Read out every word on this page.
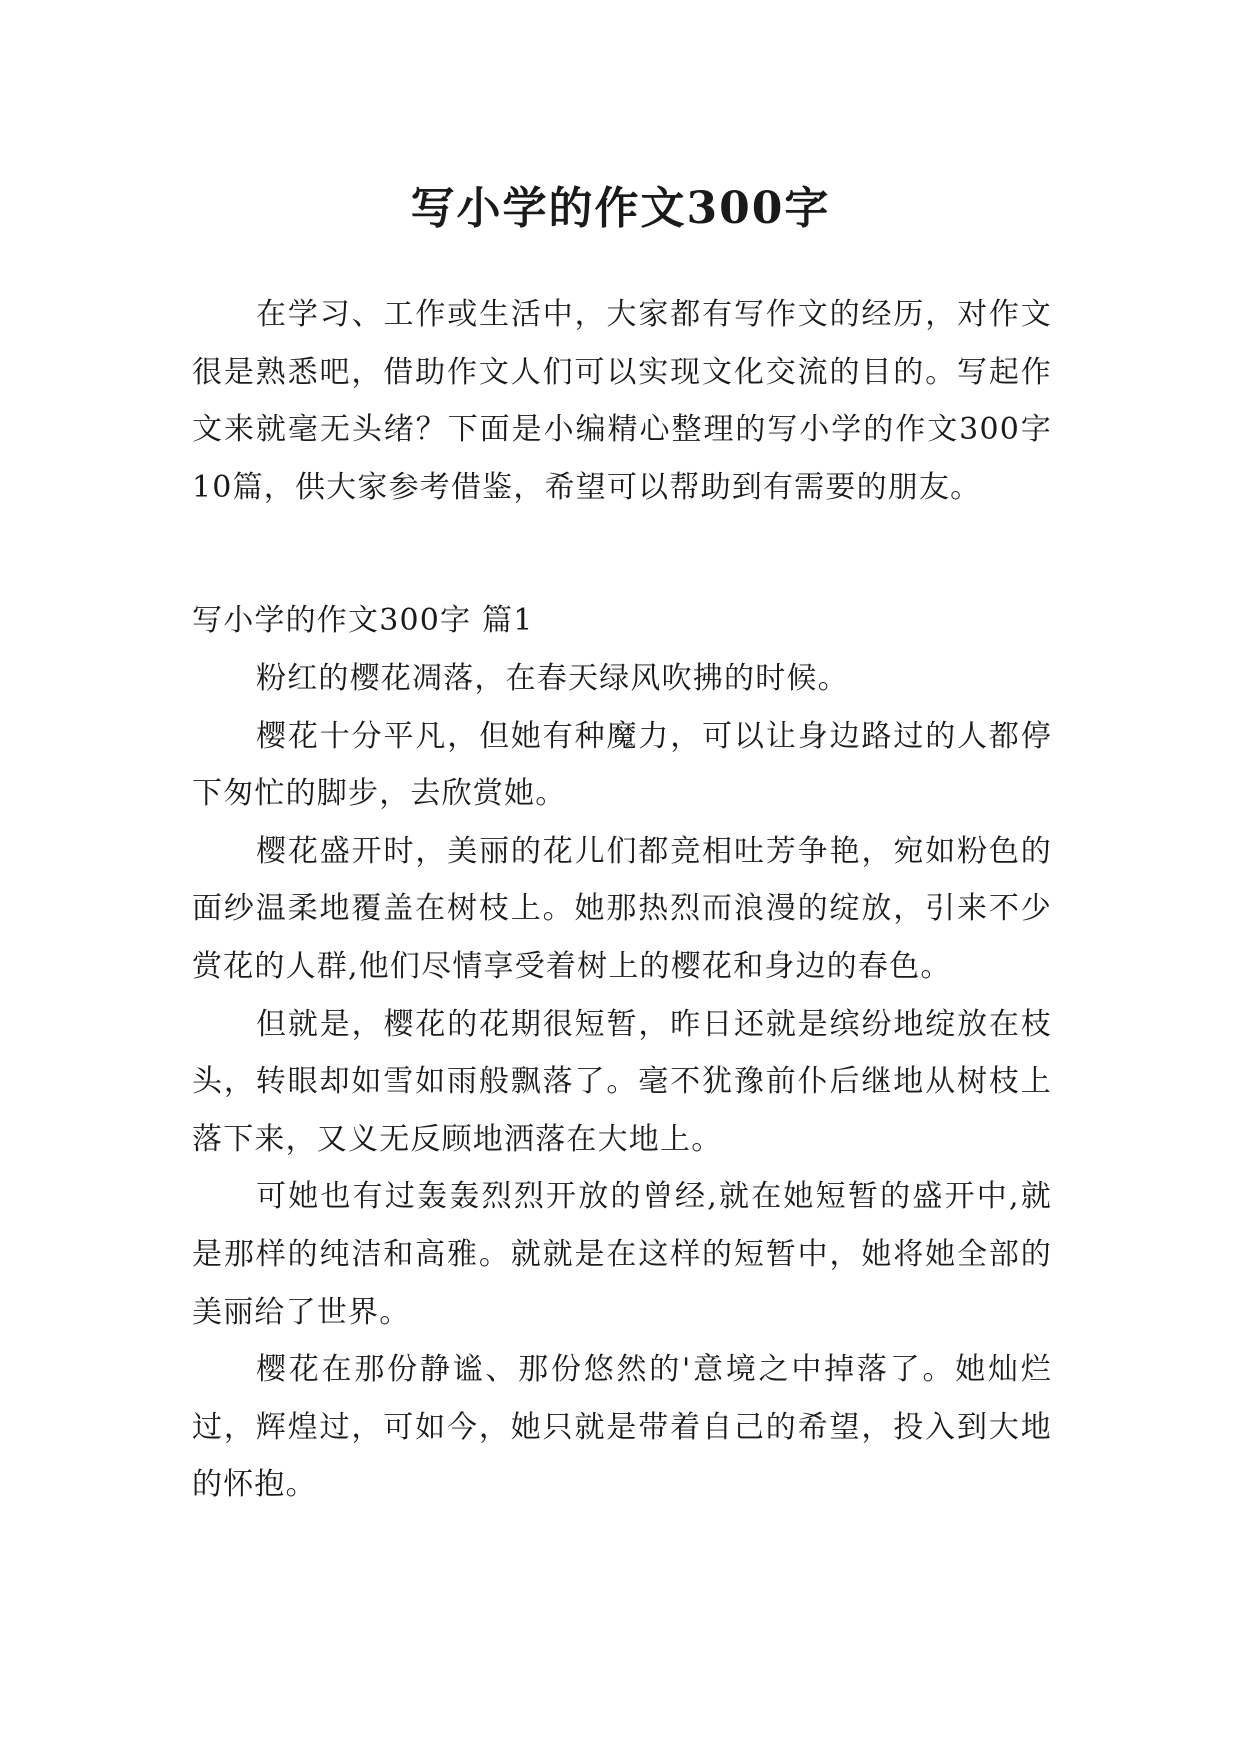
写小学的作文300字

在学习、工作或生活中，大家都有写作文的经历，对作文很是熟悉吧，借助作文人们可以实现文化交流的目的。写起作文来就毫无头绪？下面是小编精心整理的写小学的作文300字10篇，供大家参考借鉴，希望可以帮助到有需要的朋友。

写小学的作文300字 篇1

粉红的樱花凋落，在春天绿风吹拂的时候。

樱花十分平凡，但她有种魔力，可以让身边路过的人都停下匆忙的脚步，去欣赏她。

樱花盛开时，美丽的花儿们都竞相吐芳争艳，宛如粉色的面纱温柔地覆盖在树枝上。她那热烈而浪漫的绽放，引来不少赏花的人群,他们尽情享受着树上的樱花和身边的春色。

但就是，樱花的花期很短暂，昨日还就是缤纷地绽放在枝头，转眼却如雪如雨般飘落了。毫不犹豫前仆后继地从树枝上落下来，又义无反顾地洒落在大地上。

可她也有过轰轰烈烈开放的曾经,就在她短暂的盛开中,就是那样的纯洁和高雅。就就是在这样的短暂中，她将她全部的美丽给了世界。

樱花在那份静谧、那份悠然的'意境之中掉落了。她灿烂过，辉煌过，可如今，她只就是带着自己的希望，投入到大地的怀抱。
